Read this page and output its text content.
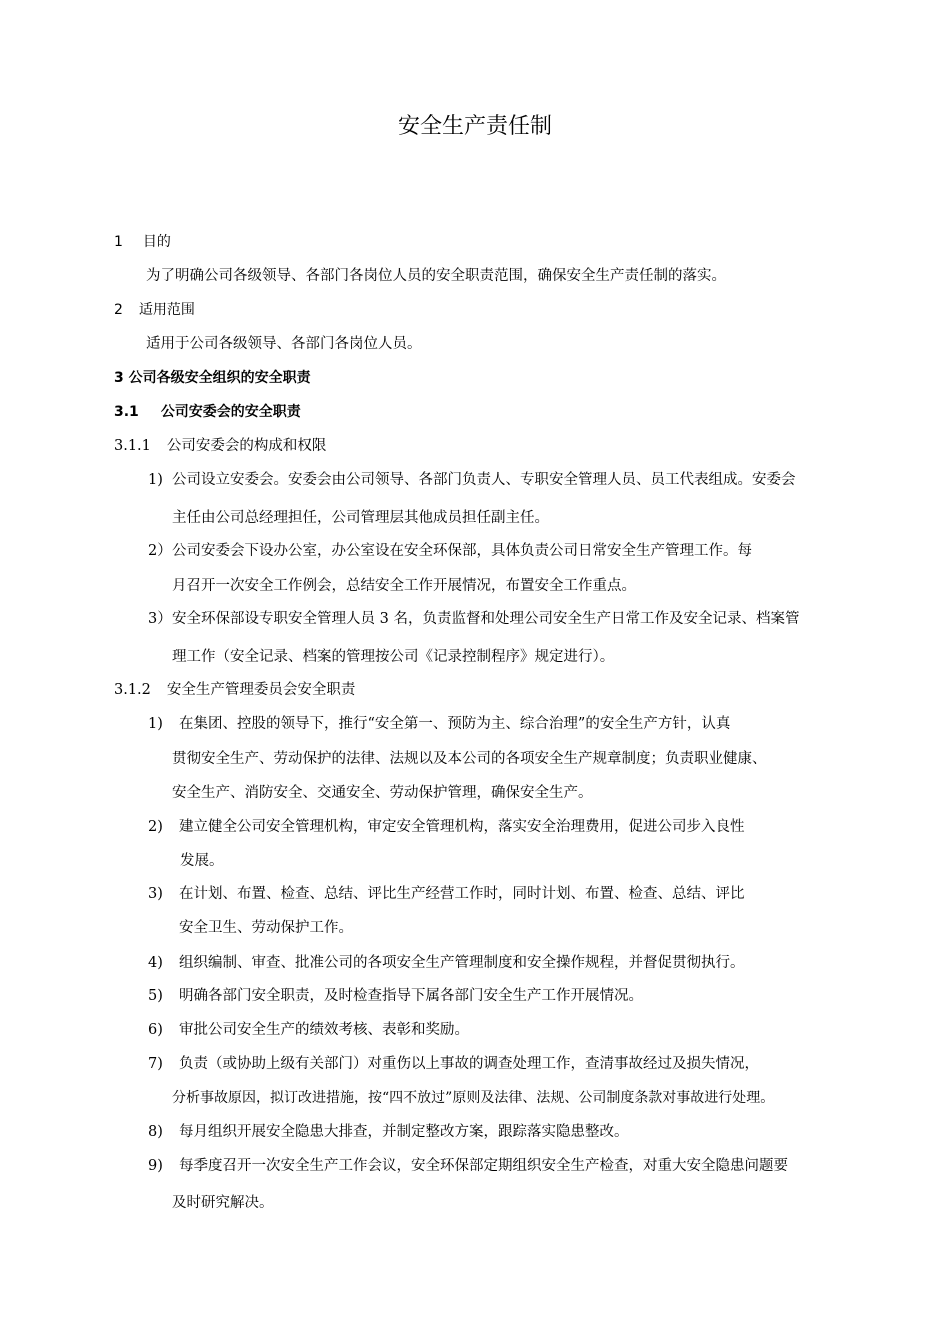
安全生产责任制
1 目的
为了明确公司各级领导、各部门各岗位人员的安全职责范围，确保安全生产责任制的落实。
2 适用范围
适用于公司各级领导、各部门各岗位人员。
3 公司各级安全组织的安全职责
3.1 公司安委会的安全职责
3.1.1 公司安委会的构成和权限
1) 公司设立安委会。安委会由公司领导、各部门负责人、专职安全管理人员、员工代表组成。安委会
主任由公司总经理担任，公司管理层其他成员担任副主任。
2） 公司安委会下设办公室，办公室设在安全环保部，具体负责公司日常安全生产管理工作。每
月召开一次安全工作例会，总结安全工作开展情况，布置安全工作重点。
3） 安全环保部设专职安全管理人员 3 名，负责监督和处理公司安全生产日常工作及安全记录、档案管
理工作（安全记录、档案的管理按公司《记录控制程序》规定进行）。
3.1.2 安全生产管理委员会安全职责
1) 在集团、控股的领导下，推行“安全第一、预防为主、综合治理”的安全生产方针，认真
贯彻安全生产、劳动保护的法律、法规以及本公司的各项安全生产规章制度；负责职业健康、
安全生产、消防安全、交通安全、劳动保护管理，确保安全生产。
2) 建立健全公司安全管理机构，审定安全管理机构，落实安全治理费用，促进公司步入良性
发展。
3) 在计划、布置、检查、总结、评比生产经营工作时，同时计划、布置、检查、总结、评比
安全卫生、劳动保护工作。
4) 组织编制、审查、批准公司的各项安全生产管理制度和安全操作规程，并督促贯彻执行。
5) 明确各部门安全职责，及时检查指导下属各部门安全生产工作开展情况。
6) 审批公司安全生产的绩效考核、表彰和奖励。
7) 负责（或协助上级有关部门）对重伤以上事故的调查处理工作，查清事故经过及损失情况，
分析事故原因，拟订改进措施，按“四不放过”原则及法律、法规、公司制度条款对事故进行处理。
8) 每月组织开展安全隐患大排查，并制定整改方案，跟踪落实隐患整改。
9) 每季度召开一次安全生产工作会议，安全环保部定期组织安全生产检查，对重大安全隐患问题要
及时研究解决。
